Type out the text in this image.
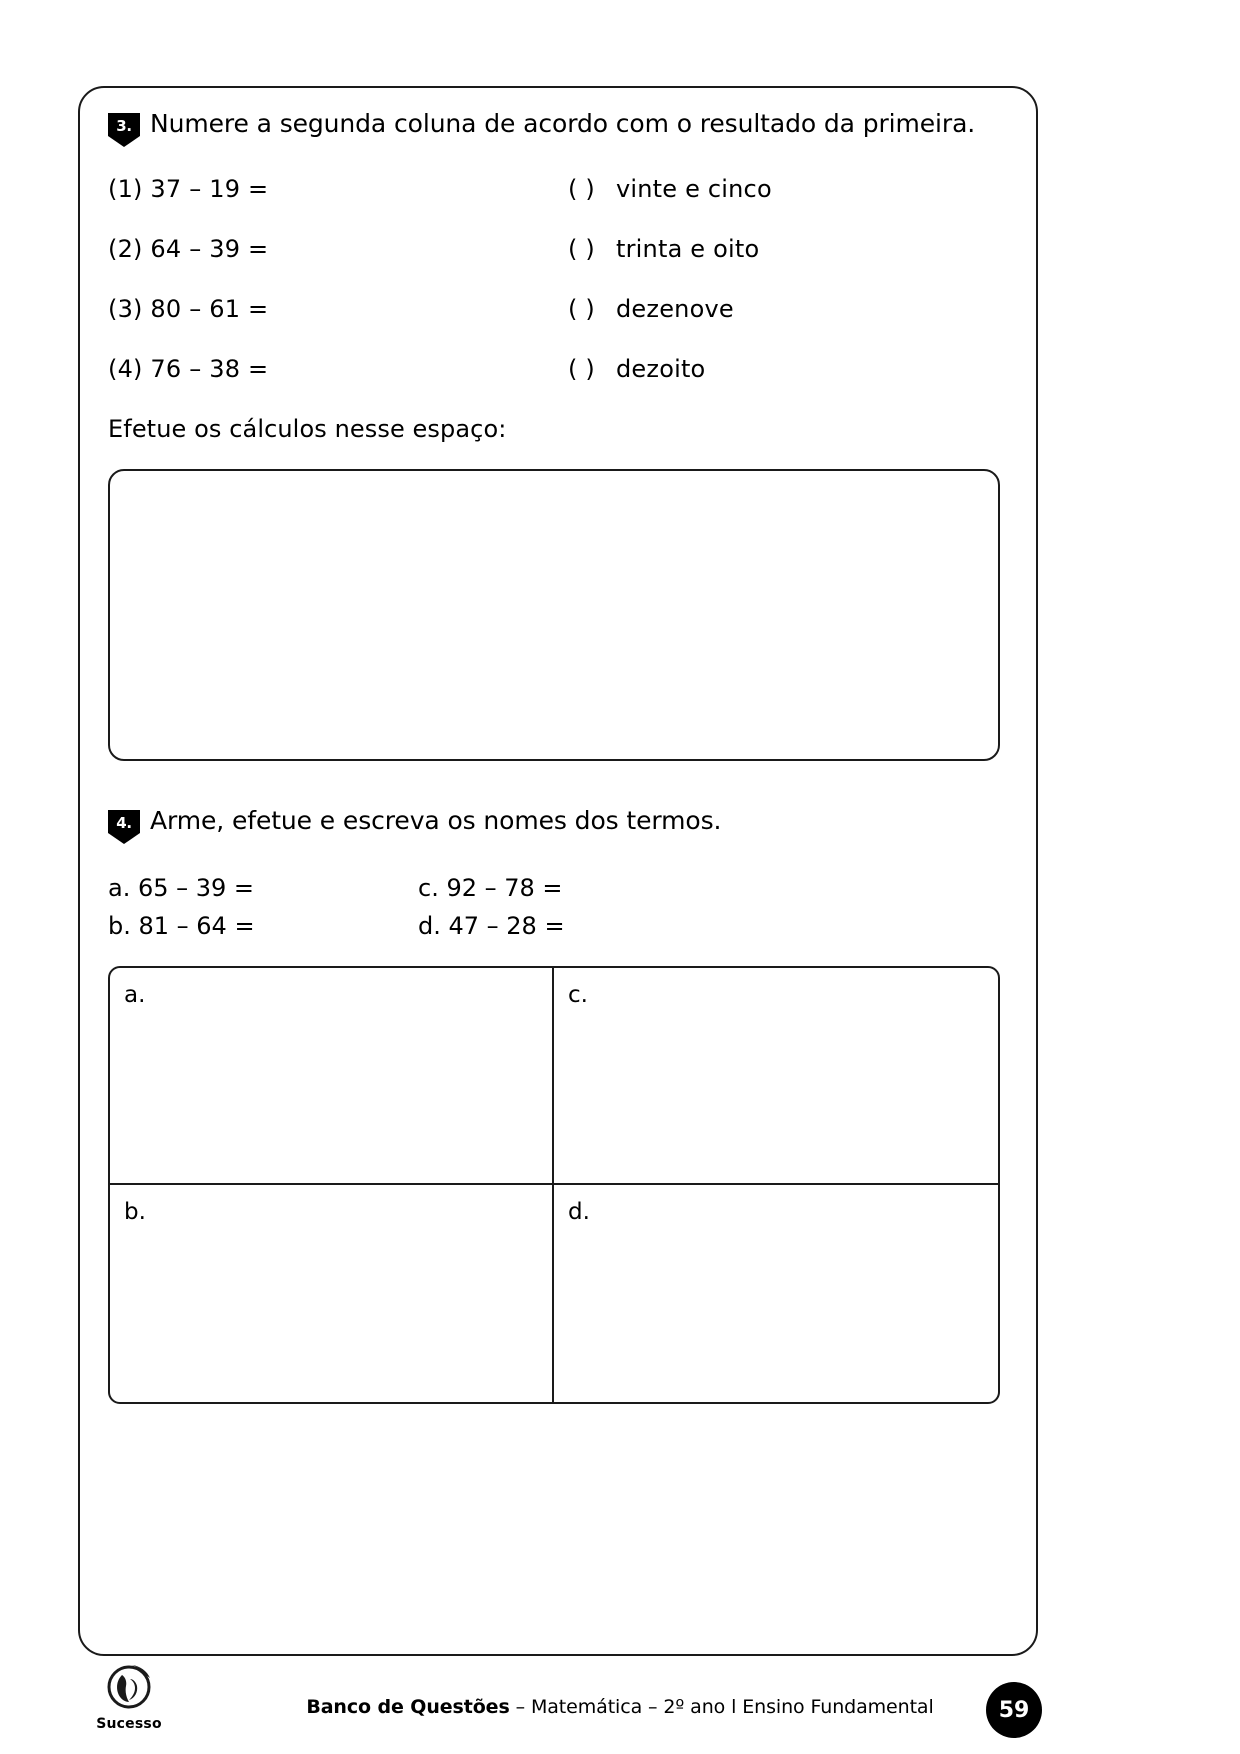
3. Numere a segunda coluna de acordo com o resultado da primeira.
(1) 37 – 19 =	( ) vinte e cinco
(2) 64 – 39 =	( ) trinta e oito
(3) 80 – 61 =	( ) dezenove
(4) 76 – 38 =	( ) dezoito
Efetue os cálculos nesse espaço:
4. Arme, efetue e escreva os nomes dos termos.
a. 65 – 39 =	c. 92 – 78 =
b. 81 – 64 =	d. 47 – 28 =
a.	c.
b.	d.
Sucesso
Banco de Questões – Matemática – 2º ano l Ensino Fundamental	59
